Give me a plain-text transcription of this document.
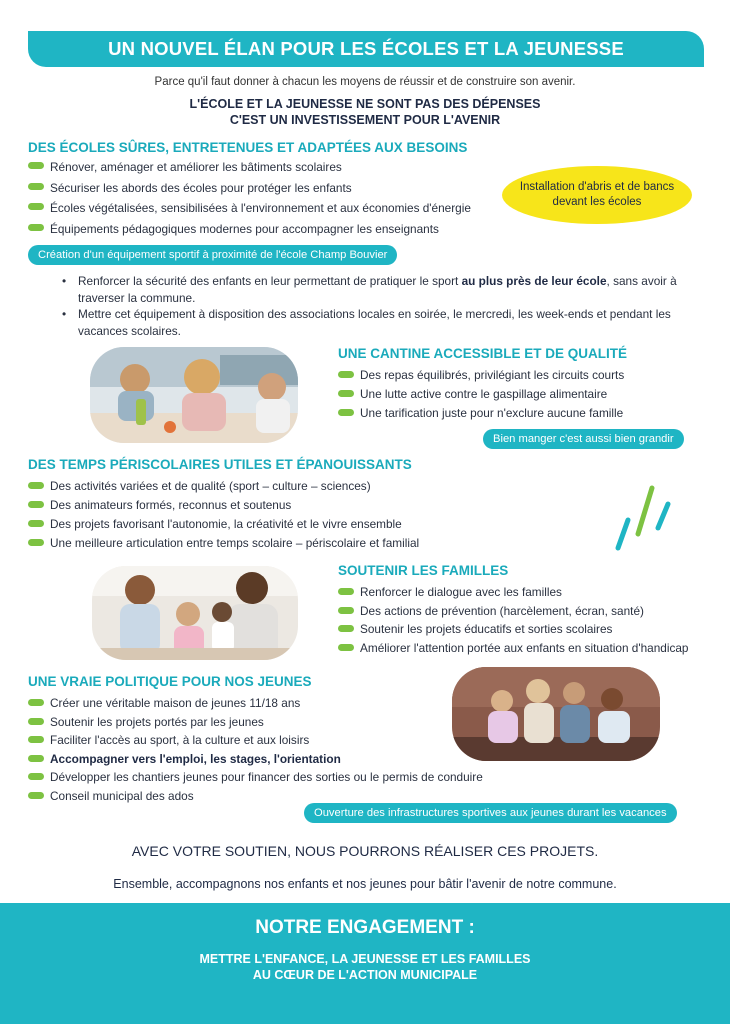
UN NOUVEL ÉLAN POUR LES ÉCOLES ET LA JEUNESSE
Parce qu'il faut donner à chacun les moyens de réussir et de construire son avenir.
L'ÉCOLE ET LA JEUNESSE NE SONT PAS DES DÉPENSES
C'EST UN INVESTISSEMENT POUR L'AVENIR
DES ÉCOLES SÛRES, ENTRETENUES ET ADAPTÉES AUX BESOINS
Rénover, aménager et améliorer les bâtiments scolaires
Sécuriser les abords des écoles pour protéger les enfants
Écoles végétalisées, sensibilisées à l'environnement et aux économies d'énergie
Équipements pédagogiques modernes pour accompagner les enseignants
Installation d'abris et de bancs
devant les écoles
Création d'un équipement sportif à proximité de l'école Champ Bouvier
• Renforcer la sécurité des enfants en leur permettant de pratiquer le sport au plus près de leur école, sans avoir à traverser la commune.
• Mettre cet équipement à disposition des associations locales en soirée, le mercredi, les week-ends et pendant les vacances scolaires.
UNE CANTINE ACCESSIBLE ET DE QUALITÉ
Des repas équilibrés, privilégiant les circuits courts
Une lutte active contre le gaspillage alimentaire
Une tarification juste pour n'exclure aucune famille
Bien manger c'est aussi bien grandir
DES TEMPS PÉRISCOLAIRES UTILES ET ÉPANOUISSANTS
Des activités variées et de qualité (sport – culture – sciences)
Des animateurs formés, reconnus et soutenus
Des projets favorisant l'autonomie, la créativité et le vivre ensemble
Une meilleure articulation entre temps scolaire – périscolaire et familial
SOUTENIR LES FAMILLES
Renforcer le dialogue avec les familles
Des actions de prévention (harcèlement, écran, santé)
Soutenir les projets éducatifs et sorties scolaires
Améliorer l'attention portée aux enfants en situation d'handicap
UNE VRAIE POLITIQUE POUR NOS JEUNES
Créer une véritable maison de jeunes 11/18 ans
Soutenir les projets portés par les jeunes
Faciliter l'accès au sport, à la culture et aux loisirs
Accompagner vers l'emploi, les stages, l'orientation
Développer les chantiers jeunes pour financer des sorties ou le permis de conduire
Conseil municipal des ados
Ouverture des infrastructures sportives aux jeunes durant les vacances
AVEC VOTRE SOUTIEN, NOUS POURRONS RÉALISER CES PROJETS.
Ensemble, accompagnons nos enfants et nos jeunes pour bâtir l'avenir de notre commune.
NOTRE ENGAGEMENT :
METTRE L'ENFANCE, LA JEUNESSE ET LES FAMILLES
AU CŒUR DE L'ACTION MUNICIPALE
